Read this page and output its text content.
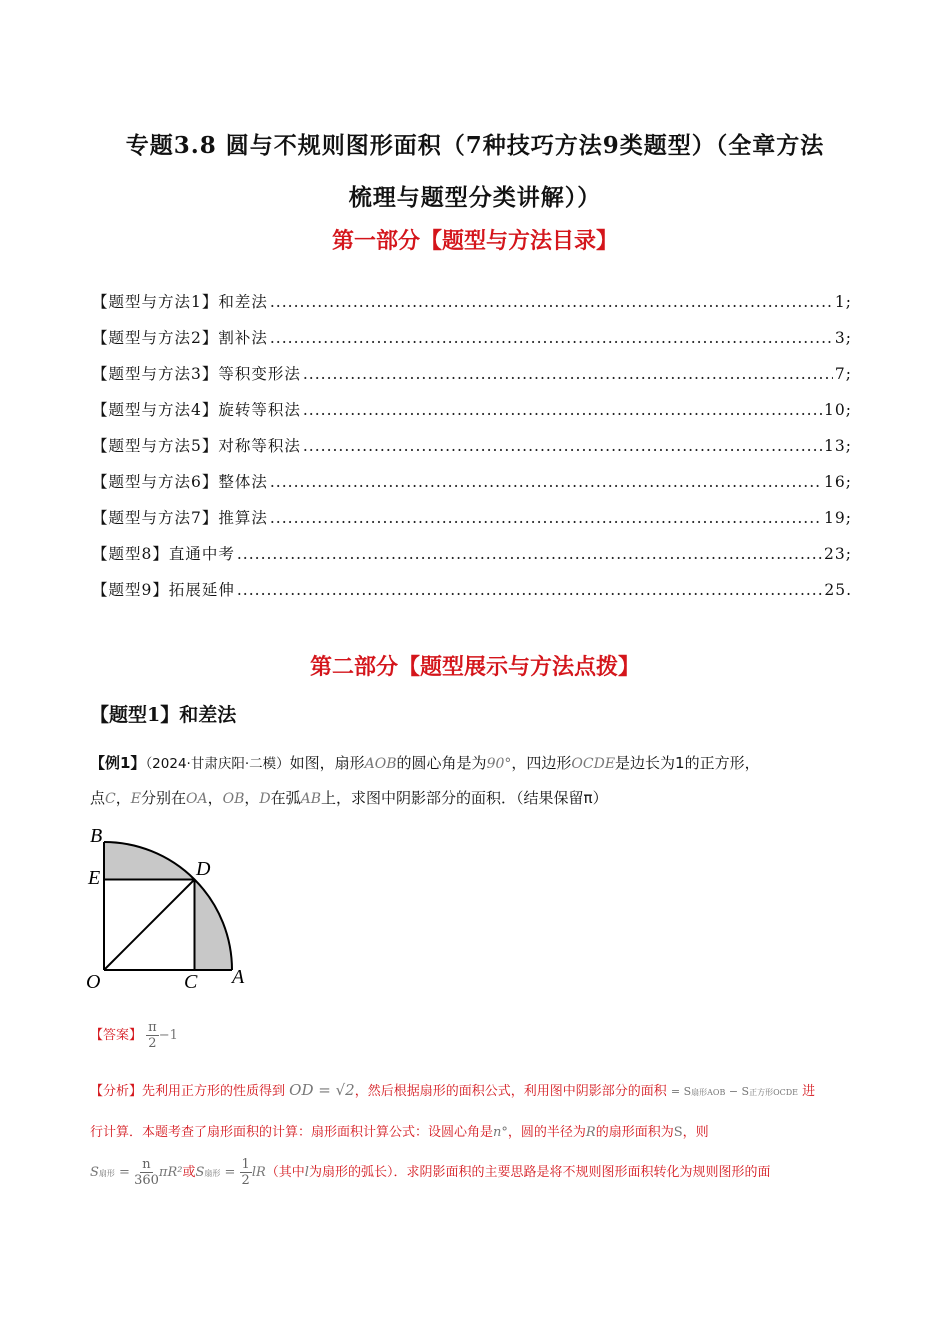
专题3.8 圆与不规则图形面积（7种技巧方法9类题型）（全章方法
梳理与题型分类讲解））
第一部分【题型与方法目录】
【题型与方法1】和差法 .....	1;
【题型与方法2】割补法 .....	3;
【题型与方法3】等积变形法 .....	7;
【题型与方法4】旋转等积法 .....	10;
【题型与方法5】对称等积法 .....	13;
【题型与方法6】整体法 .....	16;
【题型与方法7】推算法 .....	19;
【题型8】直通中考 .....	23;
【题型9】拓展延伸 .....	25.
第二部分【题型展示与方法点拨】
【题型1】和差法
【例1】（2024·甘肃庆阳·二模）如图，扇形AOB的圆心角是为90°，四边形OCDE是边长为1的正方形，
点C，E分别在OA，OB，D在弧AB上，求图中阴影部分的面积．（结果保留π）
B
E	D
O	C A
【答案】 $\frac{\pi}{2} -1$
【分析】先利用正方形的性质得到 OD = √2，然后根据扇形的面积公式，利用图中阴影部分的面积 = S扇形AOB − S正方形OCDE 进
行计算．本题考查了扇形面积的计算：扇形面积计算公式：设圆心角是n°，圆的半径为R的扇形面积为S，则
S扇形 = $\frac{n}{360} \pi R^2$或S扇形 = $\frac{1}{2} lR$（其中l为扇形的弧长）．求阴影面积的主要思路是将不规则图形面积转化为规则图形的面
